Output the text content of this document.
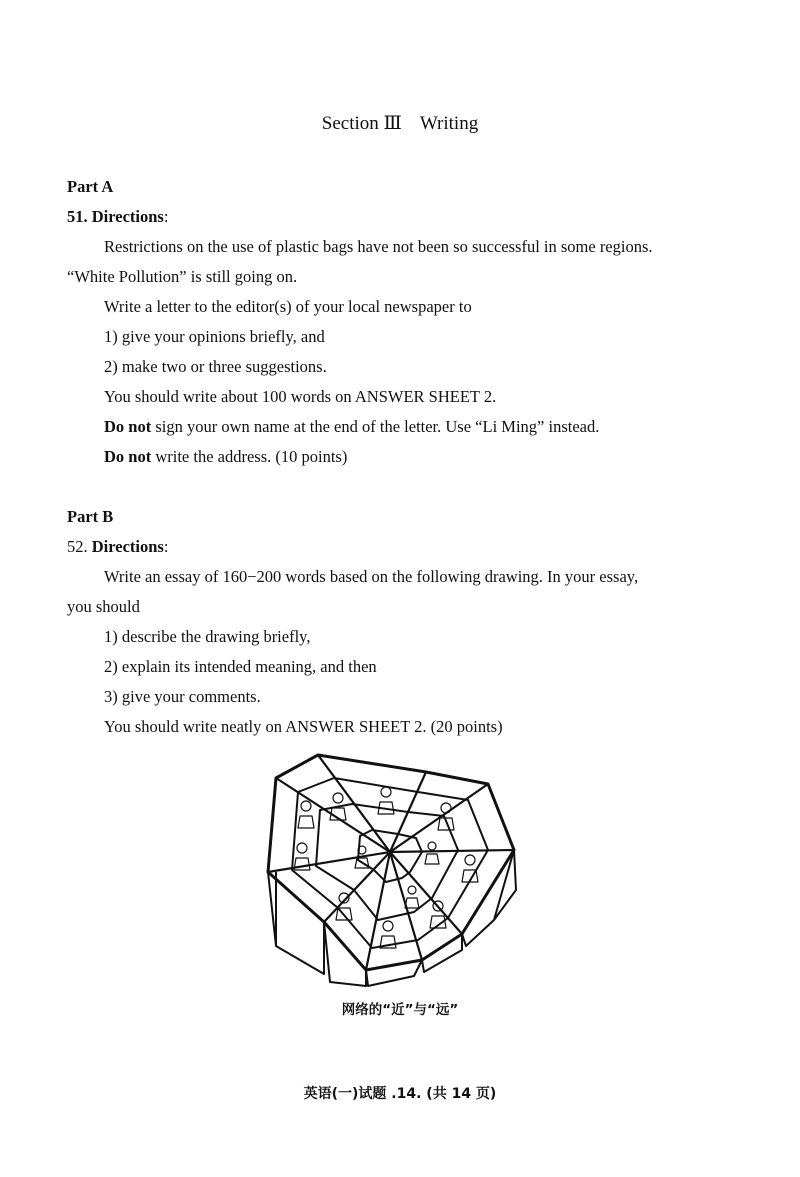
Section Ⅲ Writing
Part A
51. Directions:
Restrictions on the use of plastic bags have not been so successful in some regions.
“White Pollution” is still going on.
Write a letter to the editor(s) of your local newspaper to
1) give your opinions briefly, and
2) make two or three suggestions.
You should write about 100 words on ANSWER SHEET 2.
Do not sign your own name at the end of the letter. Use “Li Ming” instead.
Do not write the address. (10 points)
Part B
52. Directions:
Write an essay of 160−200 words based on the following drawing. In your essay,
you should
1) describe the drawing briefly,
2) explain its intended meaning, and then
3) give your comments.
You should write neatly on ANSWER SHEET 2. (20 points)
网络的“近”与“远”
英语(一)试题 .14. (共 14 页)
